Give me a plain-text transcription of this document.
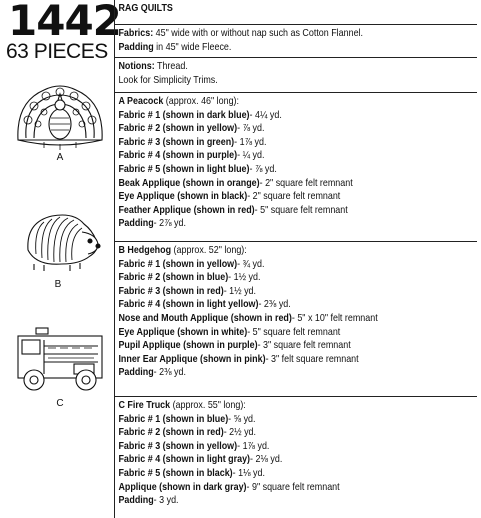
1442
63 PIECES
A
B
C
RAG QUILTS
Fabrics: 45" wide with or without nap such as Cotton Flannel.
Padding in 45" wide Fleece.
Notions: Thread.
Look for Simplicity Trims.
A Peacock (approx. 46" long):
Fabric # 1 (shown in dark blue)- 4¼ yd.
Fabric # 2 (shown in yellow)- ⅞ yd.
Fabric # 3 (shown in green)- 1⅞ yd.
Fabric # 4 (shown in purple)- ¼ yd.
Fabric # 5 (shown in light blue)- ⅞ yd.
Beak Applique (shown in orange)- 2" square felt remnant
Eye Applique (shown in black)- 2" square felt remnant
Feather Applique (shown in red)- 5" square felt remnant
Padding- 2⅞ yd.
B Hedgehog (approx. 52" long):
Fabric # 1 (shown in yellow)- ¾ yd.
Fabric # 2 (shown in blue)- 1½ yd.
Fabric # 3 (shown in red)- 1½ yd.
Fabric # 4 (shown in light yellow)- 2⅜ yd.
Nose and Mouth Applique (shown in red)- 5" x 10" felt remnant
Eye Applique (shown in white)- 5" square felt remnant
Pupil Applique (shown in purple)- 3" square felt remnant
Inner Ear Applique (shown in pink)- 3" felt square remnant
Padding- 2⅜ yd.
C Fire Truck (approx. 55" long):
Fabric # 1 (shown in blue)- ⅝ yd.
Fabric # 2 (shown in red)- 2½ yd.
Fabric # 3 (shown in yellow)- 1⅞ yd.
Fabric # 4 (shown in light gray)- 2⅛ yd.
Fabric # 5 (shown in black)- 1⅛ yd.
Applique (shown in dark gray)- 9" square felt remnant
Padding- 3 yd.
